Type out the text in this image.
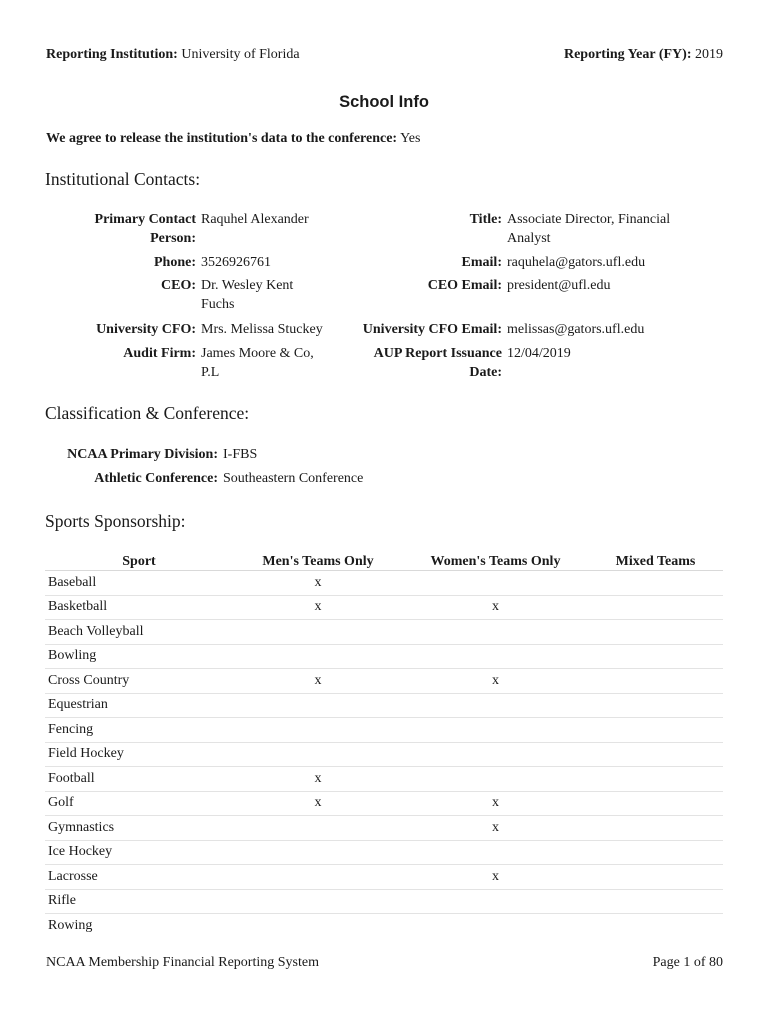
Reporting Institution: University of Florida	Reporting Year (FY): 2019
School Info
We agree to release the institution's data to the conference: Yes
Institutional Contacts:
Primary Contact Person:
Raquhel Alexander	Title: Associate Director, Financial Analyst
Phone: 3526926761	Email: raquhela@gators.ufl.edu
CEO: Dr. Wesley Kent Fuchs
CEO Email: president@ufl.edu
University CFO: Mrs. Melissa Stuckey	University CFO Email: melissas@gators.ufl.edu
Audit Firm: James Moore & Co, P.L
AUP Report Issuance Date:
12/04/2019
Classification & Conference:
NCAA Primary Division: I-FBS
Athletic Conference: Southeastern Conference
Sports Sponsorship:
Sport	Men's Teams Only	Women's Teams Only	Mixed Teams
Baseball	x		
Basketball	x	x	
Beach Volleyball			
Bowling			
Cross Country	x	x	
Equestrian			
Fencing			
Field Hockey			
Football	x		
Golf	x	x	
Gymnastics		x	
Ice Hockey			
Lacrosse		x	
Rifle			
Rowing			
NCAA Membership Financial Reporting System	Page 1 of 80
